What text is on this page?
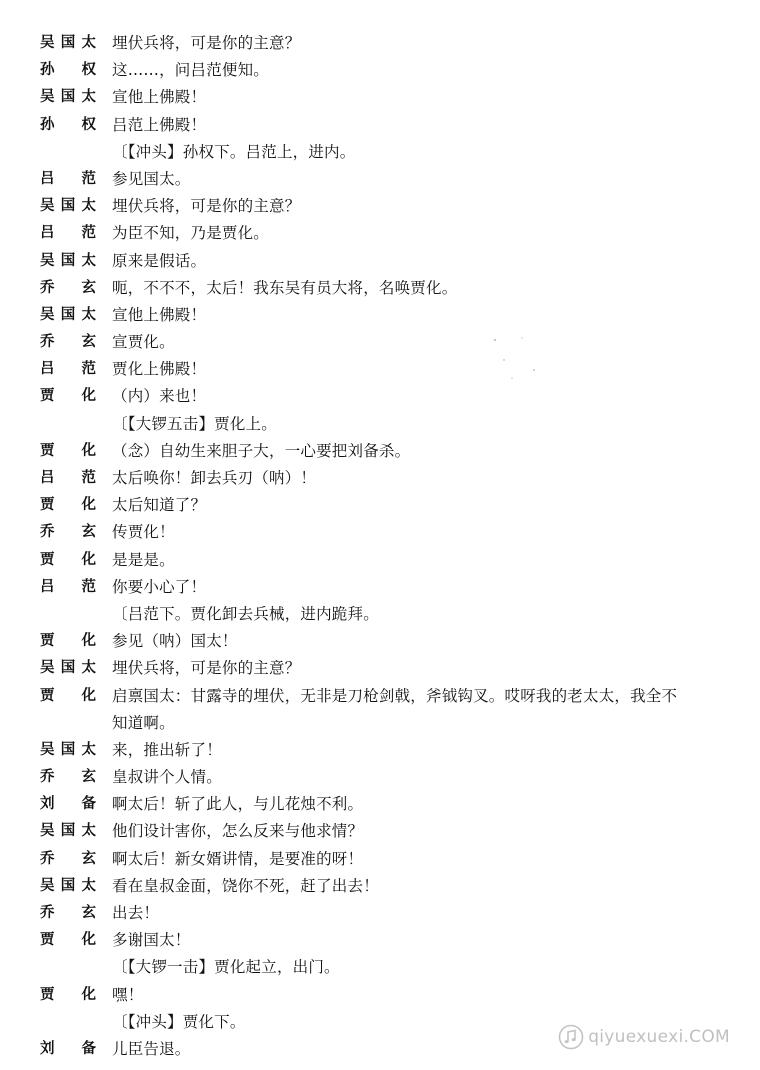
吴国太 埋伏兵将，可是你的主意？
孙权 这……，问吕范便知。
吴国太 宣他上佛殿！
孙权 吕范上佛殿！
〔【冲头】孙权下。吕范上，进内。
吕范 参见国太。
吴国太 埋伏兵将，可是你的主意？
吕范 为臣不知，乃是贾化。
吴国太 原来是假话。
乔玄 呃，不不不，太后！我东吴有员大将，名唤贾化。
吴国太 宣他上佛殿！
乔玄 宣贾化。
吕范 贾化上佛殿！
贾化 （内）来也！
〔【大锣五击】贾化上。
贾化 （念）自幼生来胆子大，一心要把刘备杀。
吕范 太后唤你！卸去兵刃（呐）！
贾化 太后知道了？
乔玄 传贾化！
贾化 是是是。
吕范 你要小心了！
〔吕范下。贾化卸去兵械，进内跪拜。
贾化 参见（呐）国太！
吴国太 埋伏兵将，可是你的主意？
贾化 启禀国太：甘露寺的埋伏，无非是刀枪剑戟，斧钺钩叉。哎呀我的老太太，我全不
知道啊。
吴国太 来，推出斩了！
乔玄 皇叔讲个人情。
刘备 啊太后！斩了此人，与儿花烛不利。
吴国太 他们设计害你，怎么反来与他求情？
乔玄 啊太后！新女婿讲情，是要准的呀！
吴国太 看在皇叔金面，饶你不死，赶了出去！
乔玄 出去！
贾化 多谢国太！
〔【大锣一击】贾化起立，出门。
贾化 嘿！
〔【冲头】贾化下。
刘备 儿臣告退。
qiyuexuexi.COM
